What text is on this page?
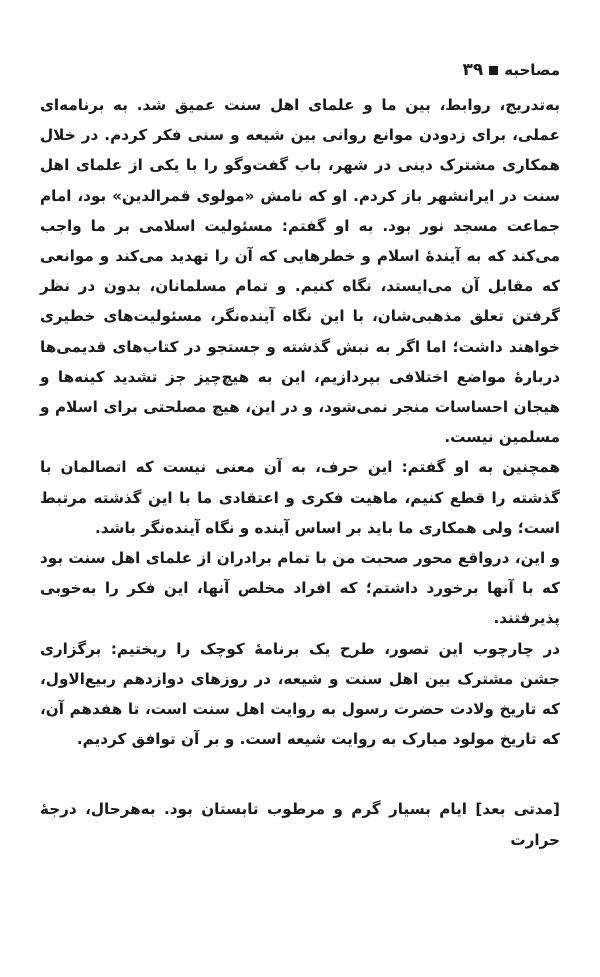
مصاحبه
۳۹

به‌تدریج، روابط، بین ما و علمای اهل سنت عمیق شد. به برنامه‌ای عملی، برای زدودن موانع روانی بین شیعه و سنی فکر کردم. در خلال همکاری مشترک دینی در شهر، باب گفت‌وگو را با یکی از علمای اهل سنت در ایرانشهر باز کردم. او که نامش «مولوی قمرالدین» بود، امام جماعت مسجد نور بود. به او گفتم: مسئولیت اسلامی بر ما واجب می‌کند که به آیندهٔ اسلام و خطرهایی که آن را تهدید می‌کند و موانعی که مقابل آن می‌ایستد، نگاه کنیم. و تمام مسلمانان، بدون در نظر گرفتن تعلق مذهبی‌شان، با این نگاه آینده‌نگر، مسئولیت‌های خطیری خواهند داشت؛ اما اگر به نبش گذشته و جستجو در کتاب‌های قدیمی‌ها دربارهٔ مواضع اختلافی بپردازیم، این به هیچ‌چیز جز تشدید کینه‌ها و هیجان احساسات منجر نمی‌شود، و در این، هیچ مصلحتی برای اسلام و مسلمین نیست.

همچنین به او گفتم: این حرف، به آن معنی نیست که اتصالمان با گذشته را قطع کنیم، ماهیت فکری و اعتقادی ما با این گذشته مرتبط است؛ ولی همکاری ما باید بر اساس آینده و نگاه آینده‌نگر باشد.

و این، درواقع محور صحبت من با تمام برادران از علمای اهل سنت بود که با آنها برخورد داشتم؛ که افراد مخلص آنها، این فکر را به‌خوبی پذیرفتند.

در چارچوب این تصور، طرح یک برنامهٔ کوچک را ریختیم: برگزاری جشن مشترک بین اهل سنت و شیعه، در روزهای دوازدهم ربیع‌الاول، که تاریخ ولادت حضرت رسول به روایت اهل سنت است، تا هفدهم آن، که تاریخ مولود مبارک به روایت شیعه است. و بر آن توافق کردیم.

[مدتی بعد] ایام بسیار گرم و مرطوب تابستان بود. به‌هرحال، درجهٔ حرارت
